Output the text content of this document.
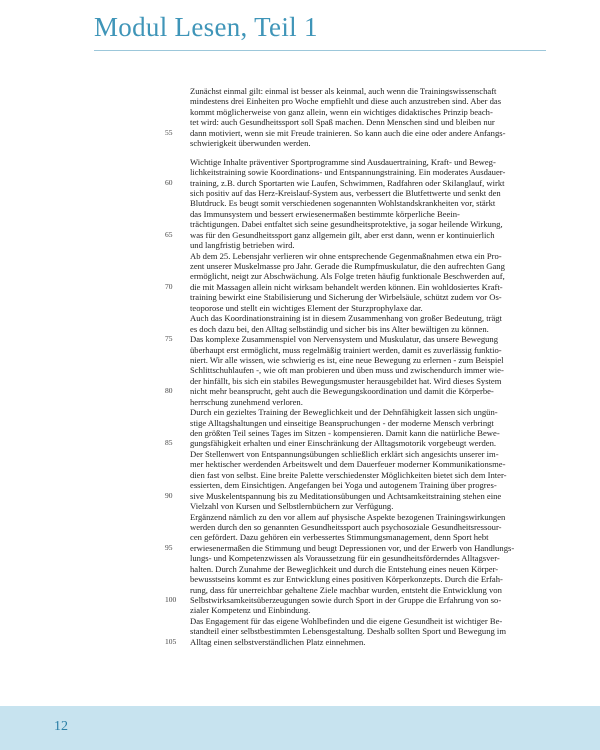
Modul Lesen, Teil 1
Zunächst einmal gilt: einmal ist besser als keinmal, auch wenn die Trainingswissenschaft
mindestens drei Einheiten pro Woche empfiehlt und diese auch anzustreben sind. Aber das
kommt möglicherweise von ganz allein, wenn ein wichtiges didaktisches Prinzip beach-
tet wird: auch Gesundheitssport soll Spaß machen. Denn Menschen sind und bleiben nur
55	dann motiviert, wenn sie mit Freude trainieren. So kann auch die eine oder andere Anfangs-
schwierigkeit überwunden werden.
Wichtige Inhalte präventiver Sportprogramme sind Ausdauertraining, Kraft- und Beweg-
lichkeitstraining sowie Koordinations- und Entspannungstraining. Ein moderates Ausdauer-
60	training, z.B. durch Sportarten wie Laufen, Schwimmen, Radfahren oder Skilanglauf, wirkt
sich positiv auf das Herz-Kreislauf-System aus, verbessert die Blutfettwerte und senkt den
Blutdruck. Es beugt somit verschiedenen sogenannten Wohlstandskrankheiten vor, stärkt
das Immunsystem und bessert erwiesenermaßen bestimmte körperliche Beein-
trächtigungen. Dabei entfaltet sich seine gesundheitsprotektive, ja sogar heilende Wirkung,
65	was für den Gesundheitssport ganz allgemein gilt, aber erst dann, wenn er kontinuierlich
und langfristig betrieben wird.
Ab dem 25. Lebensjahr verlieren wir ohne entsprechende Gegenmaßnahmen etwa ein Pro-
zent unserer Muskelmasse pro Jahr. Gerade die Rumpfmuskulatur, die den aufrechten Gang
ermöglicht, neigt zur Abschwächung. Als Folge treten häufig funktionale Beschwerden auf,
70	die mit Massagen allein nicht wirksam behandelt werden können. Ein wohldosiertes Kraft-
training bewirkt eine Stabilisierung und Sicherung der Wirbelsäule, schützt zudem vor Os-
teoporose und stellt ein wichtiges Element der Sturzprophylaxe dar.
Auch das Koordinationstraining ist in diesem Zusammenhang von großer Bedeutung, trägt
es doch dazu bei, den Alltag selbständig und sicher bis ins Alter bewältigen zu können.
75	Das komplexe Zusammenspiel von Nervensystem und Muskulatur, das unsere Bewegung
überhaupt erst ermöglicht, muss regelmäßig trainiert werden, damit es zuverlässig funktio-
niert. Wir alle wissen, wie schwierig es ist, eine neue Bewegung zu erlernen - zum Beispiel
Schlittschuhlaufen -, wie oft man probieren und üben muss und zwischendurch immer wie-
der hinfällt, bis sich ein stabiles Bewegungsmuster herausgebildet hat. Wird dieses System
80	nicht mehr beansprucht, geht auch die Bewegungskoordination und damit die Körperbe-
herrschung zunehmend verloren.
Durch ein gezieltes Training der Beweglichkeit und der Dehnfähigkeit lassen sich ungün-
stige Alltagshaltungen und einseitige Beanspruchungen - der moderne Mensch verbringt
den größten Teil seines Tages im Sitzen - kompensieren. Damit kann die natürliche Bewe-
85	gungsfähigkeit erhalten und einer Einschränkung der Alltagsmotorik vorgebeugt werden.
Der Stellenwert von Entspannungsübungen schließlich erklärt sich angesichts unserer im-
mer hektischer werdenden Arbeitswelt und dem Dauerfeuer moderner Kommunikationsme-
dien fast von selbst. Eine breite Palette verschiedenster Möglichkeiten bietet sich dem Inter-
essierten, dem Einsichtigen. Angefangen bei Yoga und autogenem Training über progres-
90	sive Muskelentspannung bis zu Meditationsübungen und Achtsamkeitstraining stehen eine
Vielzahl von Kursen und Selbstlernbüchern zur Verfügung.
Ergänzend nämlich zu den vor allem auf physische Aspekte bezogenen Trainingswirkungen
werden durch den so genannten Gesundheitssport auch psychosoziale Gesundheitsressour-
cen gefördert. Dazu gehören ein verbessertes Stimmungsmanagement, denn Sport hebt
95	erwiesenermaßen die Stimmung und beugt Depressionen vor, und der Erwerb von Handlungs-
lungs- und Kompetenzwissen als Voraussetzung für ein gesundheitsförderndes Alltagsver-
halten. Durch Zunahme der Beweglichkeit und durch die Entstehung eines neuen Körper-
bewusstseins kommt es zur Entwicklung eines positiven Körperkonzepts. Durch die Erfah-
rung, dass für unerreichbar gehaltene Ziele machbar wurden, entsteht die Entwicklung von
100	Selbstwirksamkeitsüberzeugungen sowie durch Sport in der Gruppe die Erfahrung von so-
zialer Kompetenz und Einbindung.
Das Engagement für das eigene Wohlbefinden und die eigene Gesundheit ist wichtiger Be-
standteil einer selbstbestimmten Lebensgestaltung. Deshalb sollten Sport und Bewegung im
105	Alltag einen selbstverständlichen Platz einnehmen.
12
